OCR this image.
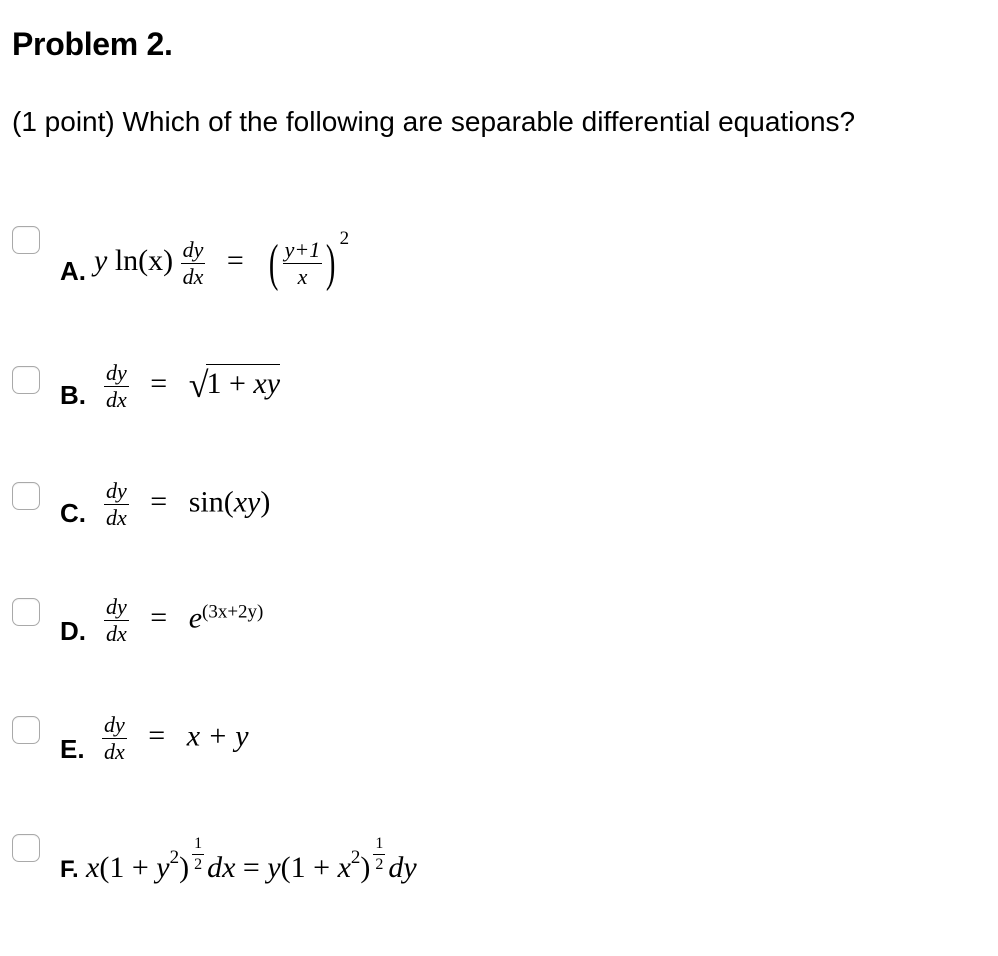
Problem 2.
(1 point) Which of the following are separable differential equations?
A. y $\ln(x) \frac{dy}{dx}$ = ( $\frac{y+1}{x}$ ) $^2$
B. $\frac{dy}{dx} = √1$ + xy
C. $\frac{dy}{dx} = \sin(xy)$
D. $\frac{dy}{dx} = e^{(3x+2y)}$
E. $\frac{dy}{dx} = x + y$
F. $x(1 + y^2) \frac{1}{2}$ dx = $y(1 + x^2) \frac{1}{2}$ dy
